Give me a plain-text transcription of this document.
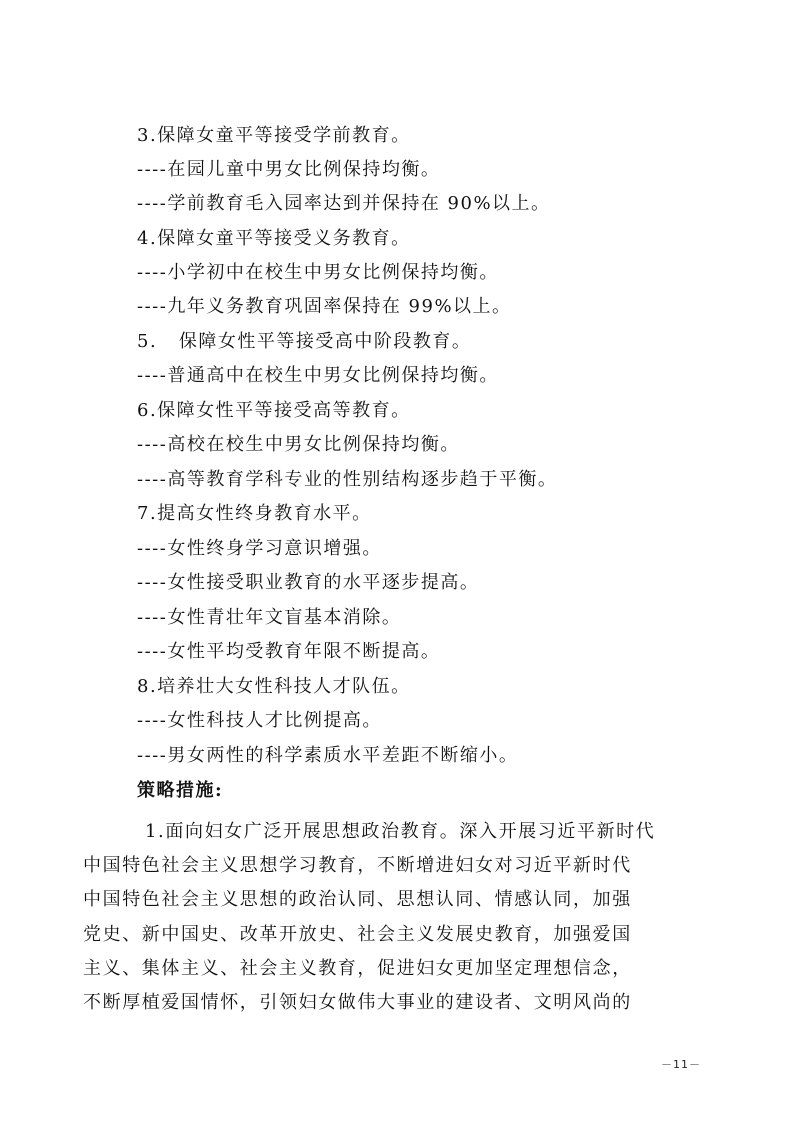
3.保障女童平等接受学前教育。
----在园儿童中男女比例保持均衡。
----学前教育毛入园率达到并保持在 90%以上。
4.保障女童平等接受义务教育。
----小学初中在校生中男女比例保持均衡。
----九年义务教育巩固率保持在 99%以上。
5.   保障女性平等接受高中阶段教育。
----普通高中在校生中男女比例保持均衡。
6.保障女性平等接受高等教育。
----高校在校生中男女比例保持均衡。
----高等教育学科专业的性别结构逐步趋于平衡。
7.提高女性终身教育水平。
----女性终身学习意识增强。
----女性接受职业教育的水平逐步提高。
----女性青壮年文盲基本消除。
----女性平均受教育年限不断提高。
8.培养壮大女性科技人才队伍。
----女性科技人才比例提高。
----男女两性的科学素质水平差距不断缩小。
策略措施:
1.面向妇女广泛开展思想政治教育。深入开展习近平新时代
中国特色社会主义思想学习教育，不断增进妇女对习近平新时代
中国特色社会主义思想的政治认同、思想认同、情感认同，加强
党史、新中国史、改革开放史、社会主义发展史教育，加强爱国
主义、集体主义、社会主义教育，促进妇女更加坚定理想信念，
不断厚植爱国情怀，引领妇女做伟大事业的建设者、文明风尚的
－11－
